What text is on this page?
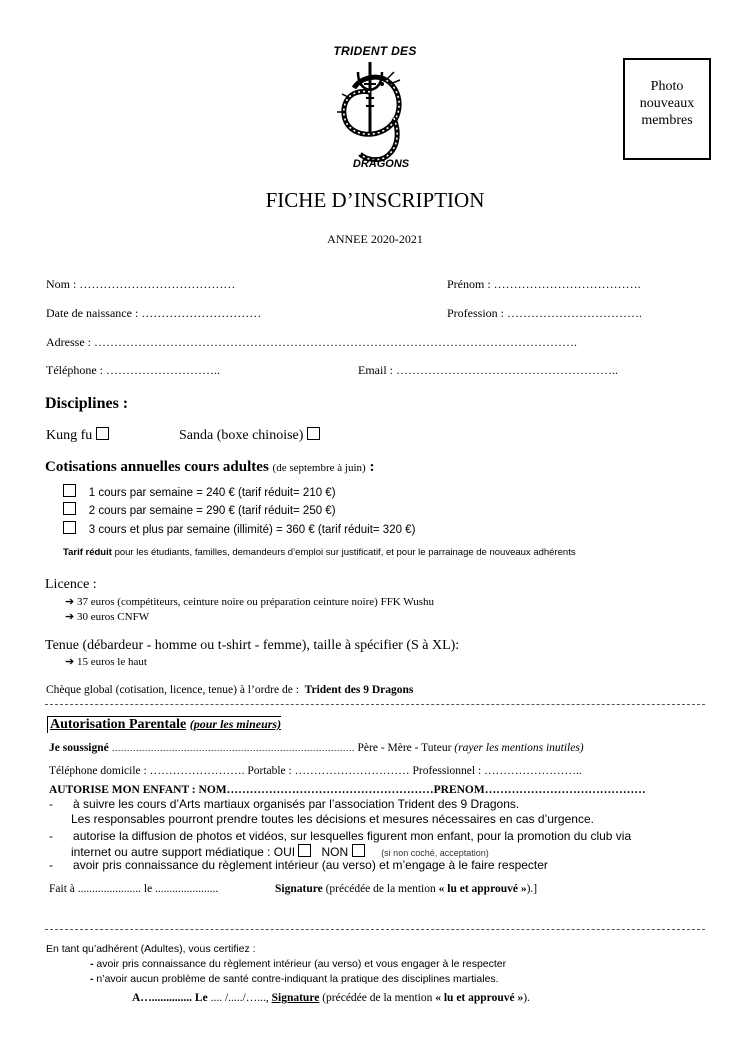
TRIDENT DES
DRAGONS
Photo
nouveaux
membres
FICHE D’INSCRIPTION
ANNEE 2020-2021
Nom : …………………………………	Prénom : ……………………………….
Date de naissance : …………………………	Profession : …………………………….
Adresse : ………………………………………………………………………………………………………….
Téléphone : ………………………..	Email : ………………………………………………..
Disciplines :
Kung fu	Sanda (boxe chinoise)
Cotisations annuelles cours adultes (de septembre à juin) :
1 cours par semaine = 240 € (tarif réduit= 210 €)
2 cours par semaine = 290 € (tarif réduit= 250 €)
3 cours et plus par semaine (illimité) = 360 € (tarif réduit= 320 €)
Tarif réduit pour les étudiants, familles, demandeurs d’emploi sur justificatif, et pour le parrainage de nouveaux adhérents
Licence :
➔ 37 euros (compétiteurs, ceinture noire ou préparation ceinture noire) FFK Wushu
➔ 30 euros CNFW
Tenue (débardeur - homme ou t-shirt - femme), taille à spécifier (S à XL):
➔ 15 euros le haut
Chèque global (cotisation, licence, tenue) à l’ordre de : Trident des 9 Dragons
Autorisation Parentale (pour les mineurs)
Je soussigné ……………………………………………………………………… Père - Mère - Tuteur (rayer les mentions inutiles)
Téléphone domicile : ……………………. Portable : ………………………… Professionnel : ……………………..
AUTORISE MON ENFANT : NOM………………………………………………PRENOM……………………………………
- à suivre les cours d’Arts martiaux organisés par l’association Trident des 9 Dragons.
Les responsables pourront prendre toutes les décisions et mesures nécessaires en cas d’urgence.
- autorise la diffusion de photos et vidéos, sur lesquelles figurent mon enfant, pour la promotion du club via
internet ou autre support médiatique : OUI NON	(si non coché, acceptation)
- avoir pris connaissance du règlement intérieur (au verso) et m’engage à le faire respecter
Fait à ...................... le ......................	Signature (précédée de la mention « lu et approuvé »).]
En tant qu’adhérent (Adultes), vous certifiez :
- avoir pris connaissance du règlement intérieur (au verso) et vous engager à le respecter
- n’avoir aucun problème de santé contre-indiquant la pratique des disciplines martiales.
A….............. Le .... /...../…..., Signature (précédée de la mention « lu et approuvé »).
